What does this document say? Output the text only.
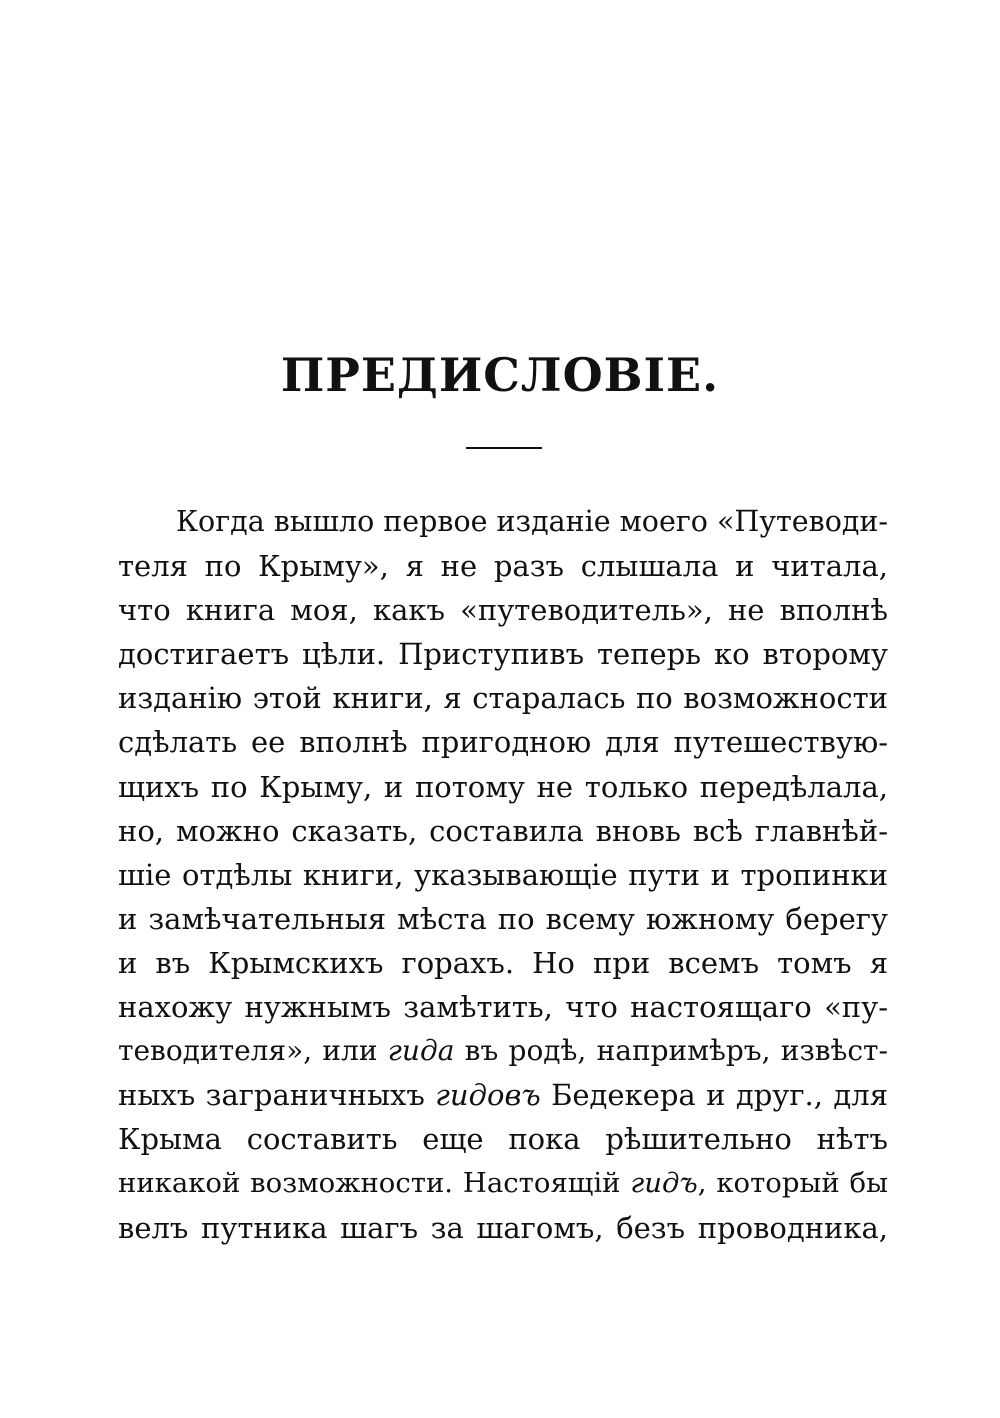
ПРЕДИСЛОВІЕ.
Когда вышло первое изданіе моего «Путеводи-
теля по Крыму», я не разъ слышала и читала,
что книга моя, какъ «путеводитель», не вполнѣ
достигаетъ цѣли. Приступивъ теперь ко второму
изданію этой книги, я старалась по возможности
сдѣлать ее вполнѣ пригодною для путешествую-
щихъ по Крыму, и потому не только передѣлала,
но, можно сказать, составила вновь всѣ главнѣй-
шіе отдѣлы книги, указывающіе пути и тропинки
и замѣчательныя мѣста по всему южному берегу
и въ Крымскихъ горахъ. Но при всемъ томъ я
нахожу нужнымъ замѣтить, что настоящаго «пу-
теводителя», или гида въ родѣ, напримѣръ, извѣст-
ныхъ заграничныхъ гидовъ Бедекера и друг., для
Крыма составить еще пока рѣшительно нѣтъ
никакой возможности. Настоящій гидъ, который бы
велъ путника шагъ за шагомъ, безъ проводника,
